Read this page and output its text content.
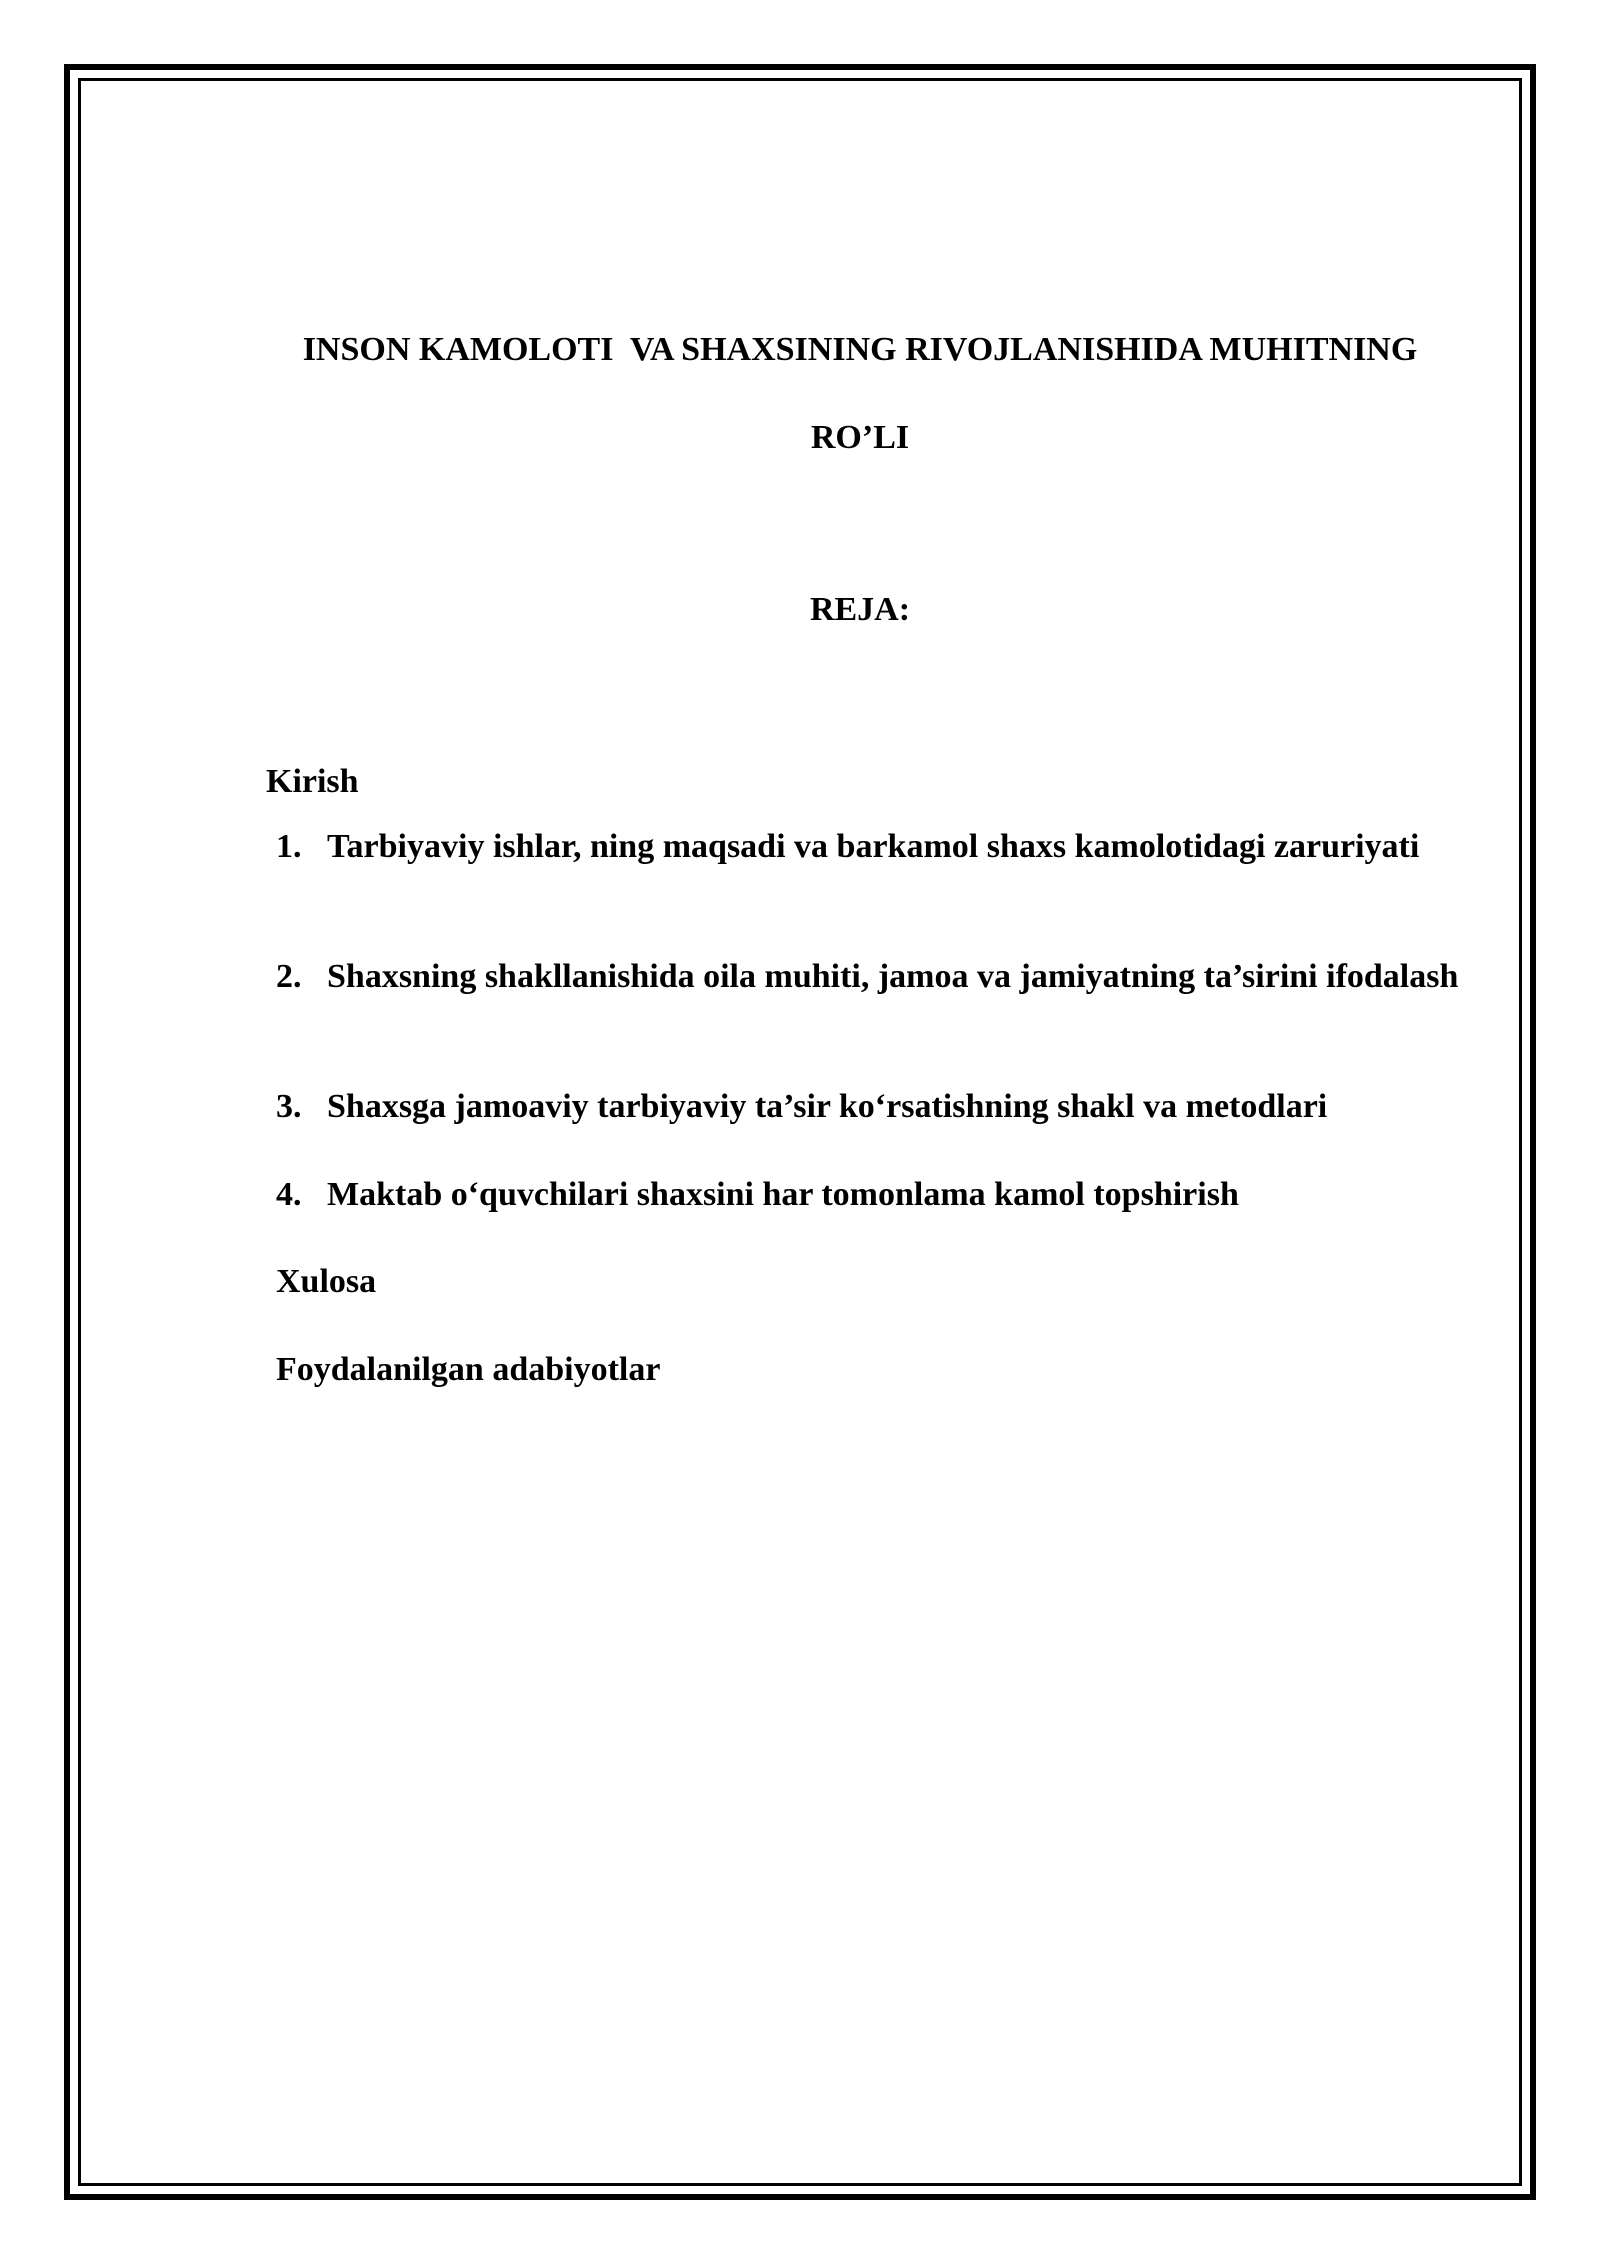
INSON KAMOLOTI  VA SHAXSINING RIVOJLANISHIDA MUHITNING
RO’LI
REJA:
Kirish
1. Tarbiyaviy ishlar, ning maqsadi va barkamol shaxs kamolotidagi zaruriyati
2. Shaxsning shakllanishida oila muhiti, jamoa va jamiyatning ta’sirini ifodalash
3. Shaxsga jamoaviy tarbiyaviy ta’sir ko‘rsatishning shakl va metodlari
4. Maktab o‘quvchilari shaxsini har tomonlama kamol topshirish
Xulosa
Foydalanilgan adabiyotlar
